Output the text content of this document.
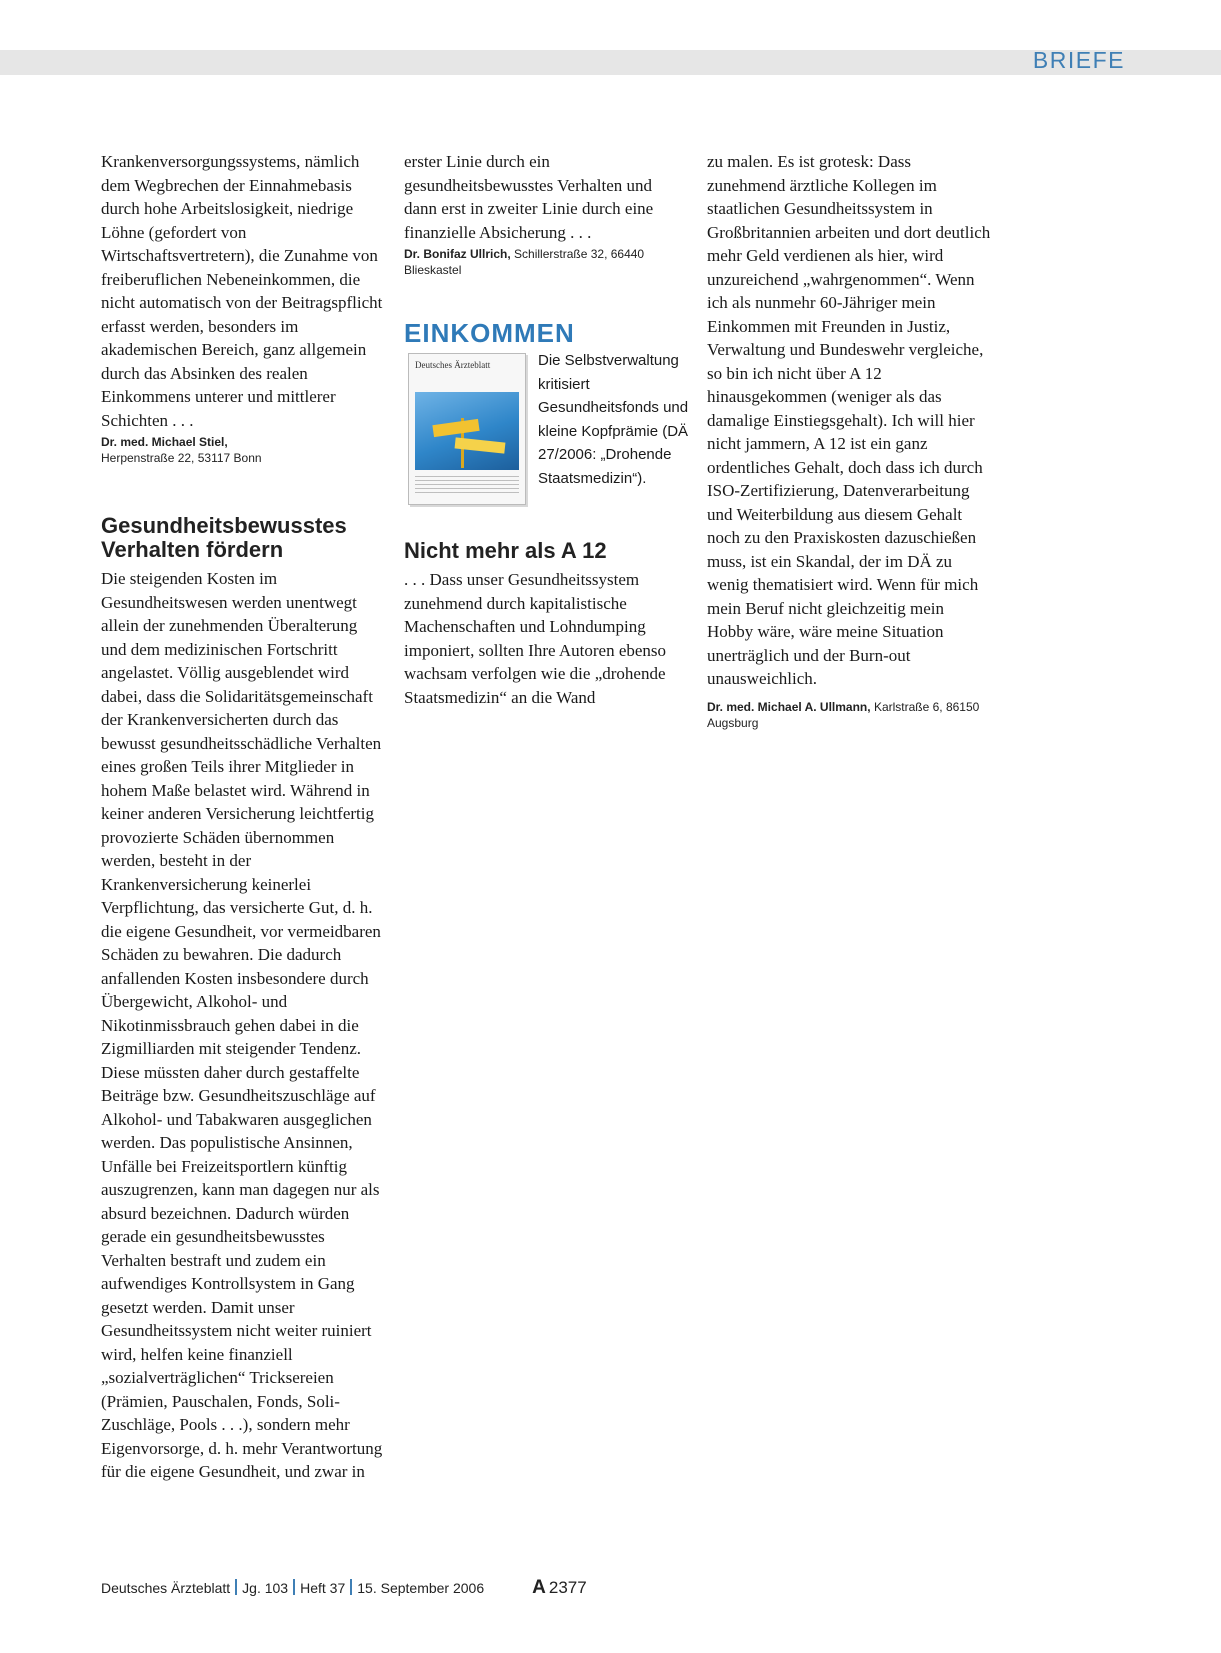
BRIEFE

Krankenversorgungssystems, nämlich dem Wegbrechen der Einnahmebasis durch hohe Arbeitslosigkeit, niedrige Löhne (gefordert von Wirtschaftsvertretern), die Zunahme von freiberuflichen Nebeneinkommen, die nicht automatisch von der Beitragspflicht erfasst werden, besonders im akademischen Bereich, ganz allgemein durch das Absinken des realen Einkommens unterer und mittlerer Schichten . . .

Dr. med. Michael Stiel,
Herpenstraße 22, 53117 Bonn

Gesundheitsbewusstes Verhalten fördern

Die steigenden Kosten im Gesundheitswesen werden unentwegt allein der zunehmenden Überalterung und dem medizinischen Fortschritt angelastet. Völlig ausgeblendet wird dabei, dass die Solidaritätsgemeinschaft der Krankenversicherten durch das bewusst gesundheitsschädliche Verhalten eines großen Teils ihrer Mitglieder in hohem Maße belastet wird. Während in keiner anderen Versicherung leichtfertig provozierte Schäden übernommen werden, besteht in der Krankenversicherung keinerlei Verpflichtung, das versicherte Gut, d. h. die eigene Gesundheit, vor vermeidbaren Schäden zu bewahren. Die dadurch anfallenden Kosten insbesondere durch Übergewicht, Alkohol- und Nikotinmissbrauch gehen dabei in die Zigmilliarden mit steigender Tendenz. Diese müssten daher durch gestaffelte Beiträge bzw. Gesundheitszuschläge auf Alkohol- und Tabakwaren ausgeglichen werden. Das populistische Ansinnen, Unfälle bei Freizeitsportlern künftig auszugrenzen, kann man dagegen nur als absurd bezeichnen. Dadurch würden gerade ein gesundheitsbewusstes Verhalten bestraft und zudem ein aufwendiges Kontrollsystem in Gang gesetzt werden. Damit unser Gesundheitssystem nicht weiter ruiniert wird, helfen keine finanziell „sozialverträglichen“ Tricksereien (Prämien, Pauschalen, Fonds, Soli-Zuschläge, Pools . . .), sondern mehr Eigenvorsorge, d. h. mehr Verantwortung für die eigene Gesundheit, und zwar in

erster Linie durch ein gesundheitsbewusstes Verhalten und dann erst in zweiter Linie durch eine finanzielle Absicherung . . .

Dr. Bonifaz Ullrich, Schillerstraße 32, 66440 Blieskastel

EINKOMMEN
Deutsches Ärzteblatt	Die Selbstverwaltung kritisiert Gesundheitsfonds und kleine Kopfprämie (DÄ 27/2006: „Drohende Staatsmedizin“).

Nicht mehr als A 12

. . . Dass unser Gesundheitssystem zunehmend durch kapitalistische Machenschaften und Lohndumping imponiert, sollten Ihre Autoren ebenso wachsam verfolgen wie die „drohende Staatsmedizin“ an die Wand

zu malen. Es ist grotesk: Dass zunehmend ärztliche Kollegen im staatlichen Gesundheitssystem in Großbritannien arbeiten und dort deutlich mehr Geld verdienen als hier, wird unzureichend „wahrgenommen“. Wenn ich als nunmehr 60-Jähriger mein Einkommen mit Freunden in Justiz, Verwaltung und Bundeswehr vergleiche, so bin ich nicht über A 12 hinausgekommen (weniger als das damalige Einstiegsgehalt). Ich will hier nicht jammern, A 12 ist ein ganz ordentliches Gehalt, doch dass ich durch ISO-Zertifizierung, Datenverarbeitung und Weiterbildung aus diesem Gehalt noch zu den Praxiskosten dazuschießen muss, ist ein Skandal, der im DÄ zu wenig thematisiert wird. Wenn für mich mein Beruf nicht gleichzeitig mein Hobby wäre, wäre meine Situation unerträglich und der Burn-out unausweichlich.

Dr. med. Michael A. Ullmann, Karlstraße 6, 86150 Augsburg

Deutsches Ärzteblatt Jg. 103 Heft 37 15. September 2006	A 2377
